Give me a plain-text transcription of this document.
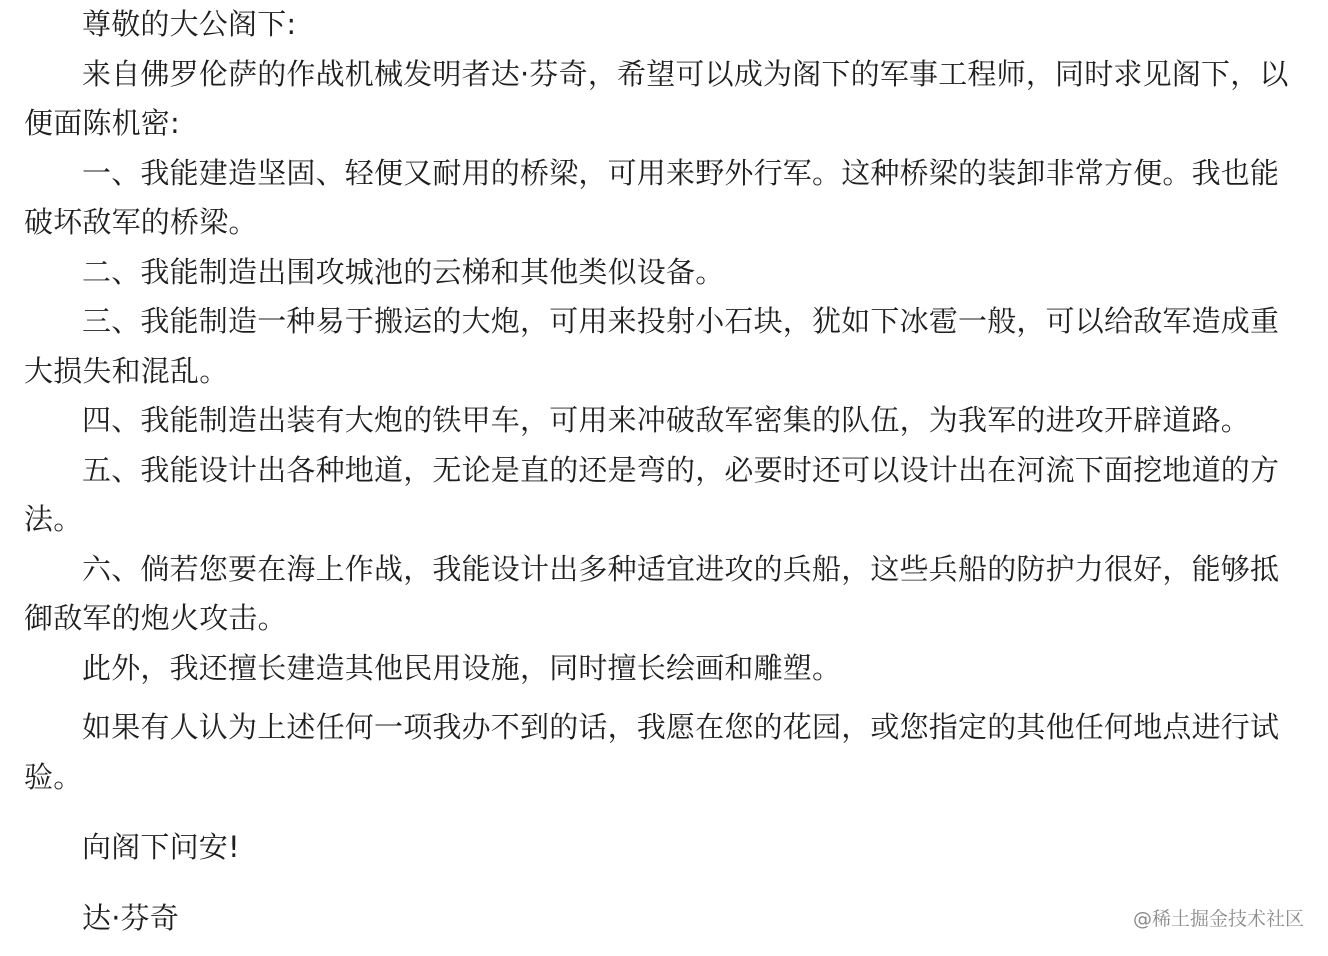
尊敬的大公阁下:
来自佛罗伦萨的作战机械发明者达·芬奇，希望可以成为阁下的军事工程师，同时求见阁下，以
便面陈机密:
一、我能建造坚固、轻便又耐用的桥梁，可用来野外行军。这种桥梁的装卸非常方便。我也能
破坏敌军的桥梁。
二、我能制造出围攻城池的云梯和其他类似设备。
三、我能制造一种易于搬运的大炮，可用来投射小石块，犹如下冰雹一般，可以给敌军造成重
大损失和混乱。
四、我能制造出装有大炮的铁甲车，可用来冲破敌军密集的队伍，为我军的进攻开辟道路。
五、我能设计出各种地道，无论是直的还是弯的，必要时还可以设计出在河流下面挖地道的方
法。
六、倘若您要在海上作战，我能设计出多种适宜进攻的兵船，这些兵船的防护力很好，能够抵
御敌军的炮火攻击。
此外，我还擅长建造其他民用设施，同时擅长绘画和雕塑。
如果有人认为上述任何一项我办不到的话，我愿在您的花园，或您指定的其他任何地点进行试
验。
向阁下问安!
达·芬奇	@稀土掘金技术社区
